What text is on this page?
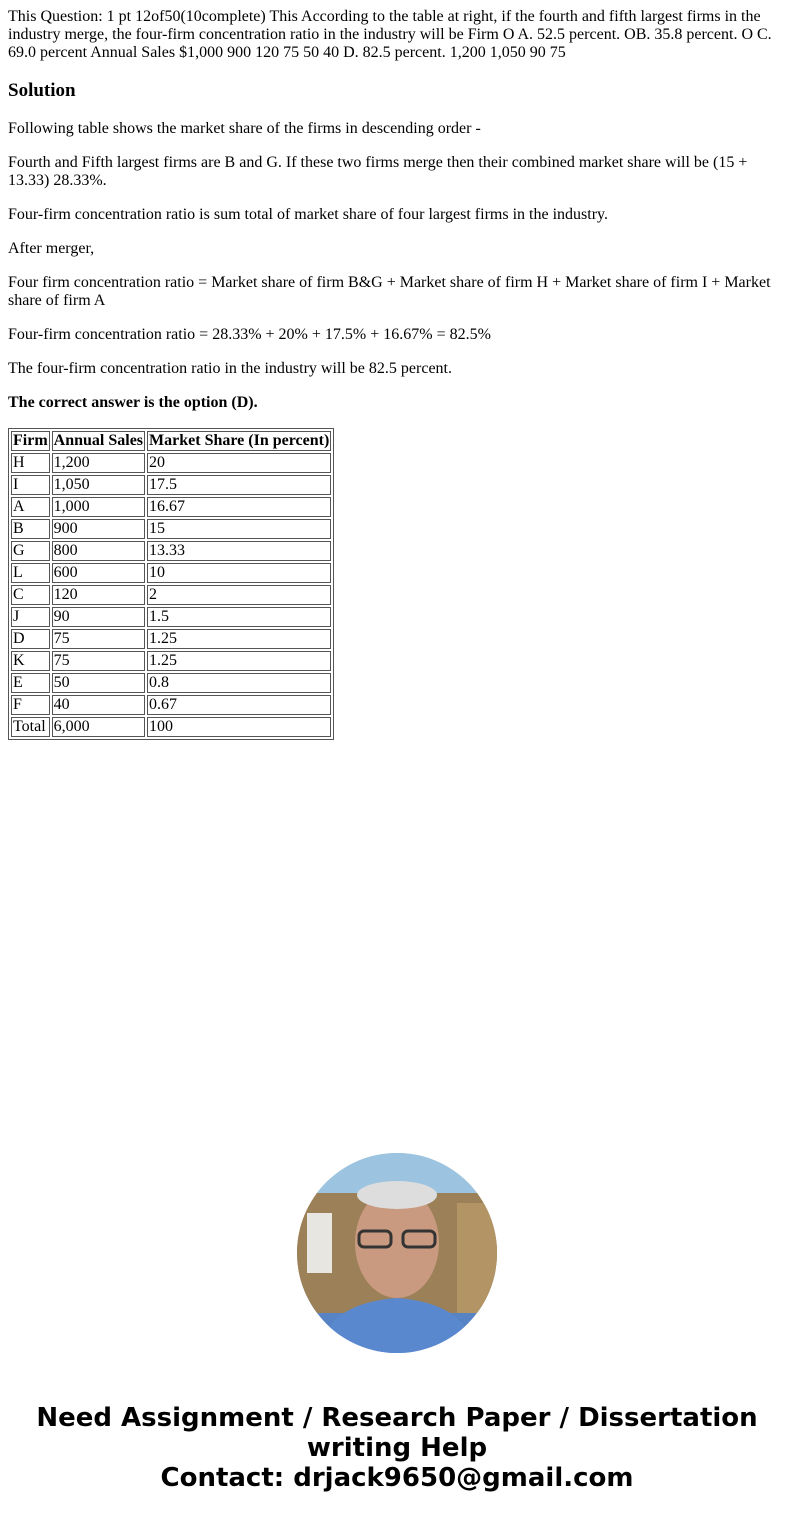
This Question: 1 pt 12of50(10complete) This According to the table at right, if the fourth and fifth largest firms in the industry merge, the four-firm concentration ratio in the industry will be Firm O A. 52.5 percent. OB. 35.8 percent. O C. 69.0 percent Annual Sales $1,000 900 120 75 50 40 D. 82.5 percent. 1,200 1,050 90 75

Solution

Following table shows the market share of the firms in descending order -

Fourth and Fifth largest firms are B and G. If these two firms merge then their combined market share will be (15 + 13.33) 28.33%.

Four-firm concentration ratio is sum total of market share of four largest firms in the industry.

After merger,

Four firm concentration ratio = Market share of firm B&G + Market share of firm H + Market share of firm I + Market share of firm A

Four-firm concentration ratio = 28.33% + 20% + 17.5% + 16.67% = 82.5%

The four-firm concentration ratio in the industry will be 82.5 percent.

The correct answer is the option (D).

Firm	Annual Sales	Market Share (In percent)
H	1,200	20
I	1,050	17.5
A	1,000	16.67
B	900	15
G	800	13.33
L	600	10
C	120	2
J	90	1.5
D	75	1.25
K	75	1.25
E	50	0.8
F	40	0.67
Total	6,000	100
Need Assignment / Research Paper / Dissertation writing Help
Contact: drjack9650@gmail.com
